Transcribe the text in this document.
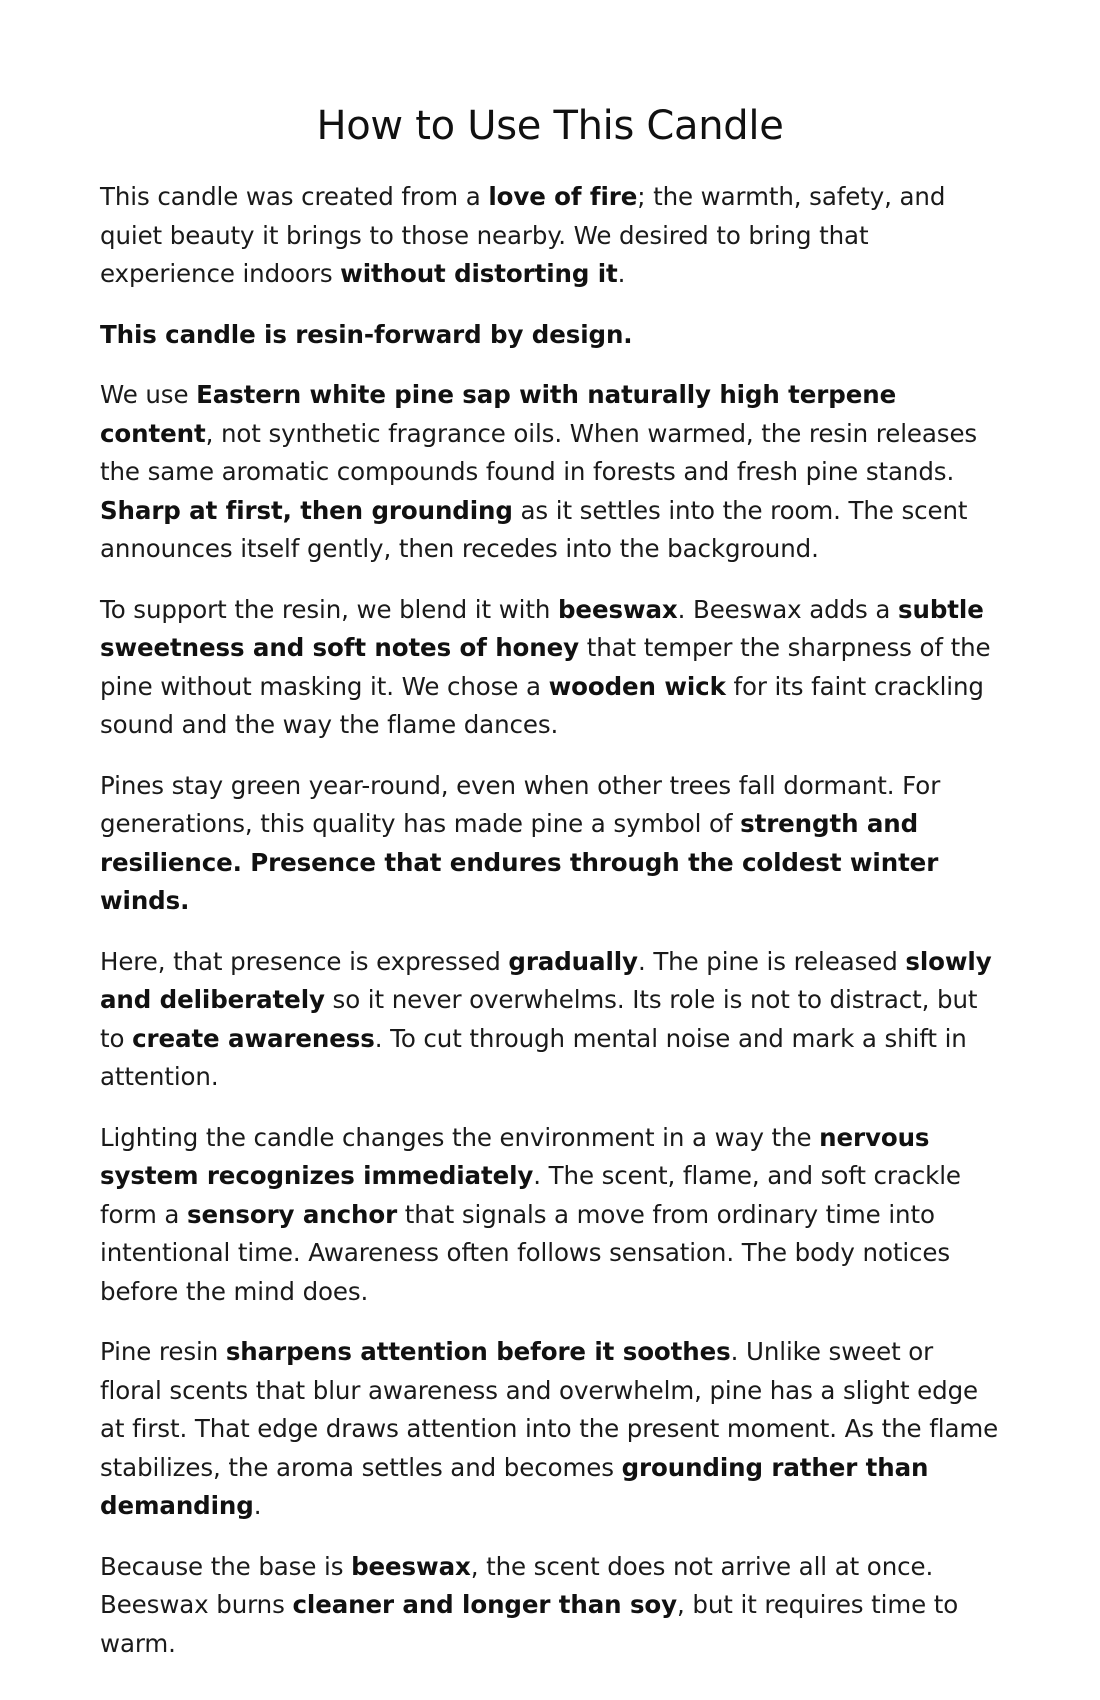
How to Use This Candle

This candle was created from a love of fire; the warmth, safety, and quiet beauty it brings to those nearby. We desired to bring that experience indoors without distorting it.

This candle is resin-forward by design.

We use Eastern white pine sap with naturally high terpene content, not synthetic fragrance oils. When warmed, the resin releases the same aromatic compounds found in forests and fresh pine stands. Sharp at first, then grounding as it settles into the room. The scent announces itself gently, then recedes into the background.

To support the resin, we blend it with beeswax. Beeswax adds a subtle sweetness and soft notes of honey that temper the sharpness of the pine without masking it. We chose a wooden wick for its faint crackling sound and the way the flame dances.

Pines stay green year-round, even when other trees fall dormant. For generations, this quality has made pine a symbol of strength and resilience. Presence that endures through the coldest winter winds.

Here, that presence is expressed gradually. The pine is released slowly and deliberately so it never overwhelms. Its role is not to distract, but to create awareness. To cut through mental noise and mark a shift in attention.

Lighting the candle changes the environment in a way the nervous system recognizes immediately. The scent, flame, and soft crackle form a sensory anchor that signals a move from ordinary time into intentional time. Awareness often follows sensation. The body notices before the mind does.

Pine resin sharpens attention before it soothes. Unlike sweet or floral scents that blur awareness and overwhelm, pine has a slight edge at first. That edge draws attention into the present moment. As the flame stabilizes, the aroma settles and becomes grounding rather than demanding.

Because the base is beeswax, the scent does not arrive all at once. Beeswax burns cleaner and longer than soy, but it requires time to warm.
